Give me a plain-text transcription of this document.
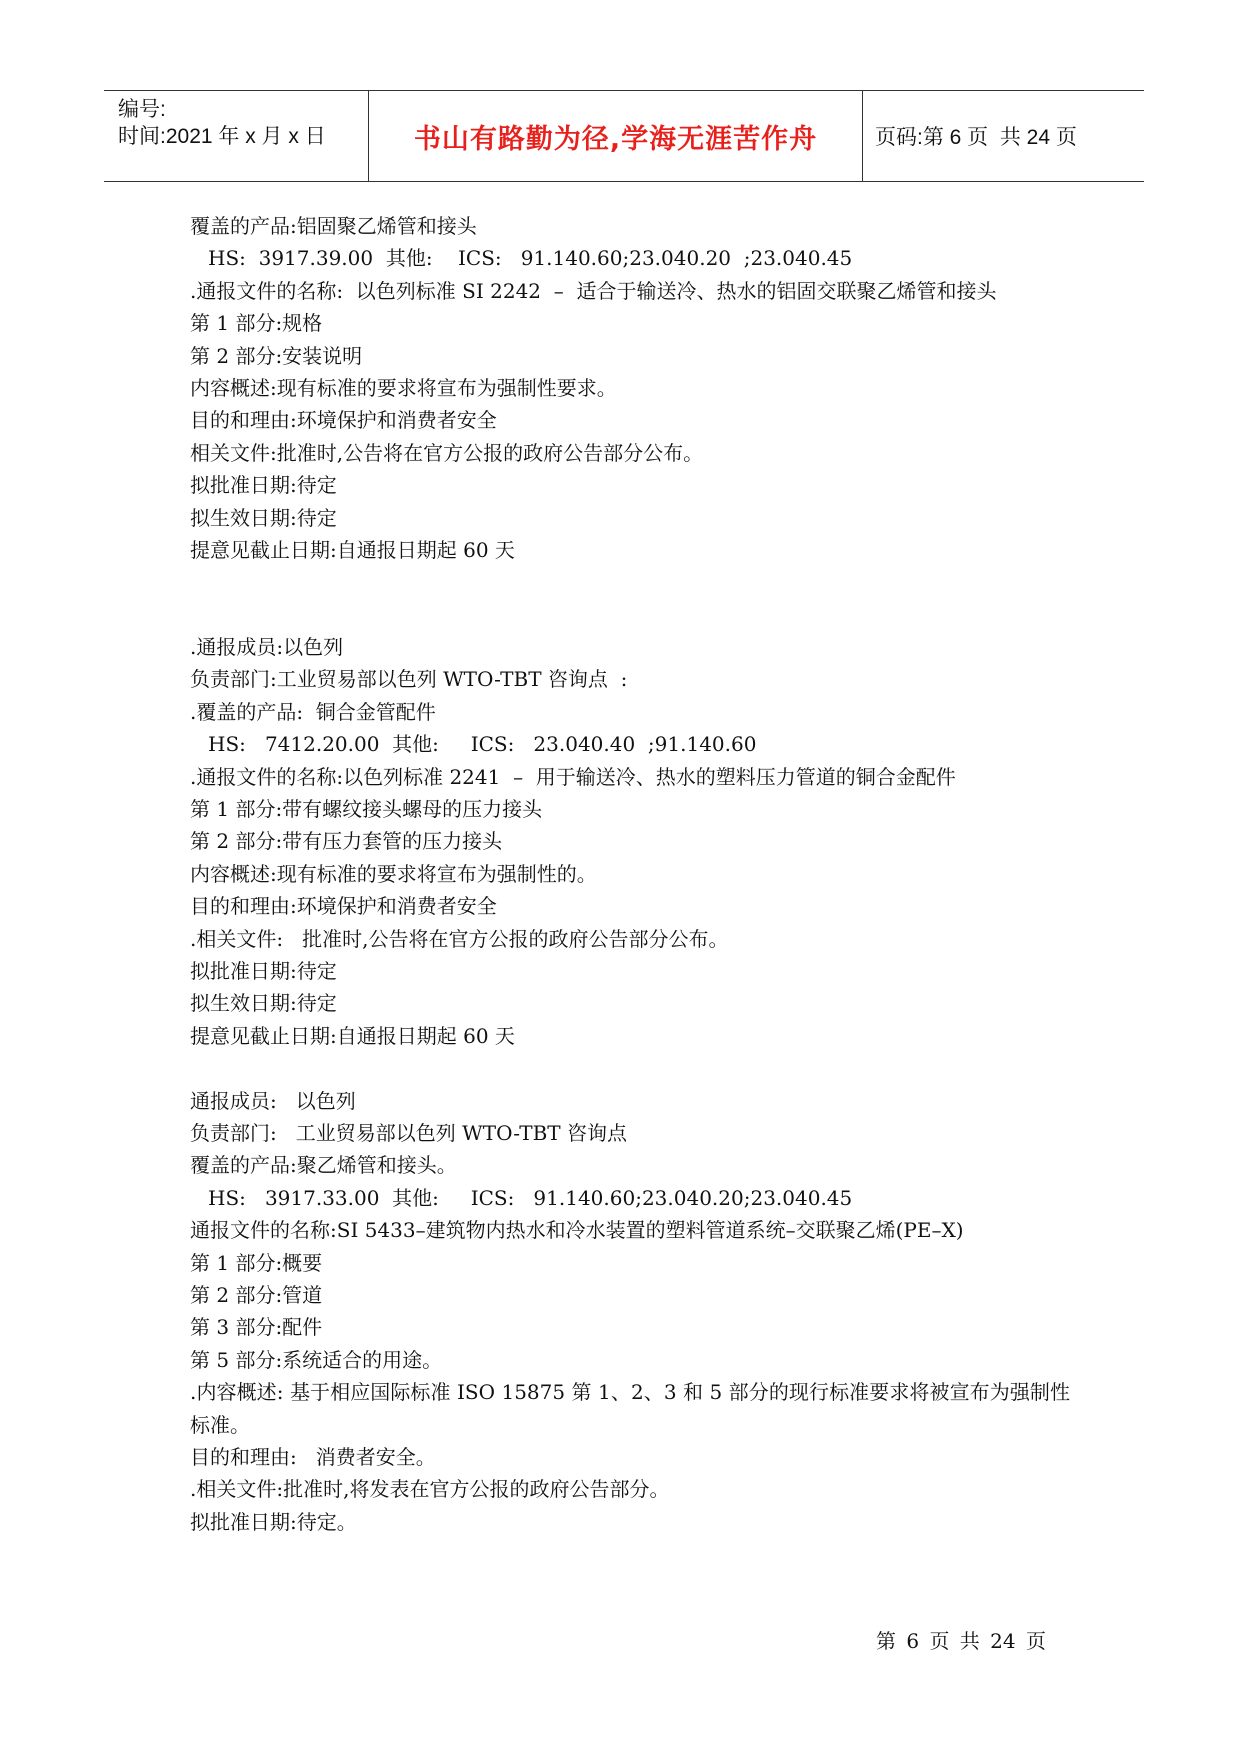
编号:
时间:2021 年 x 月 x 日	书山有路勤为径,学海无涯苦作舟	页码:第 6 页  共 24 页
覆盖的产品:铝固聚乙烯管和接头
HS:  3917.39.00  其他:    ICS:   91.140.60;23.040.20  ;23.040.45
.通报文件的名称:  以色列标准 SI 2242  –  适合于输送冷、热水的铝固交联聚乙烯管和接头
第 1 部分:规格
第 2 部分:安装说明
内容概述:现有标准的要求将宣布为强制性要求。
目的和理由:环境保护和消费者安全
相关文件:批准时,公告将在官方公报的政府公告部分公布。
拟批准日期:待定
拟生效日期:待定
提意见截止日期:自通报日期起 60 天
.通报成员:以色列
负责部门:工业贸易部以色列 WTO-TBT 咨询点  :
.覆盖的产品:  铜合金管配件
HS:   7412.20.00  其他:     ICS:   23.040.40  ;91.140.60
.通报文件的名称:以色列标准 2241  –  用于输送冷、热水的塑料压力管道的铜合金配件
第 1 部分:带有螺纹接头螺母的压力接头
第 2 部分:带有压力套管的压力接头
内容概述:现有标准的要求将宣布为强制性的。
目的和理由:环境保护和消费者安全
.相关文件:   批准时,公告将在官方公报的政府公告部分公布。
拟批准日期:待定
拟生效日期:待定
提意见截止日期:自通报日期起 60 天
通报成员:   以色列
负责部门:   工业贸易部以色列 WTO-TBT 咨询点
覆盖的产品:聚乙烯管和接头。
HS:   3917.33.00  其他:     ICS:   91.140.60;23.040.20;23.040.45
通报文件的名称:SI 5433–建筑物内热水和冷水装置的塑料管道系统–交联聚乙烯(PE–X)
第 1 部分:概要
第 2 部分:管道
第 3 部分:配件
第 5 部分:系统适合的用途。
.内容概述: 基于相应国际标准 ISO 15875 第 1、2、3 和 5 部分的现行标准要求将被宣布为强制性标准。
目的和理由:   消费者安全。
.相关文件:批准时,将发表在官方公报的政府公告部分。
拟批准日期:待定。
第 6 页 共 24 页
